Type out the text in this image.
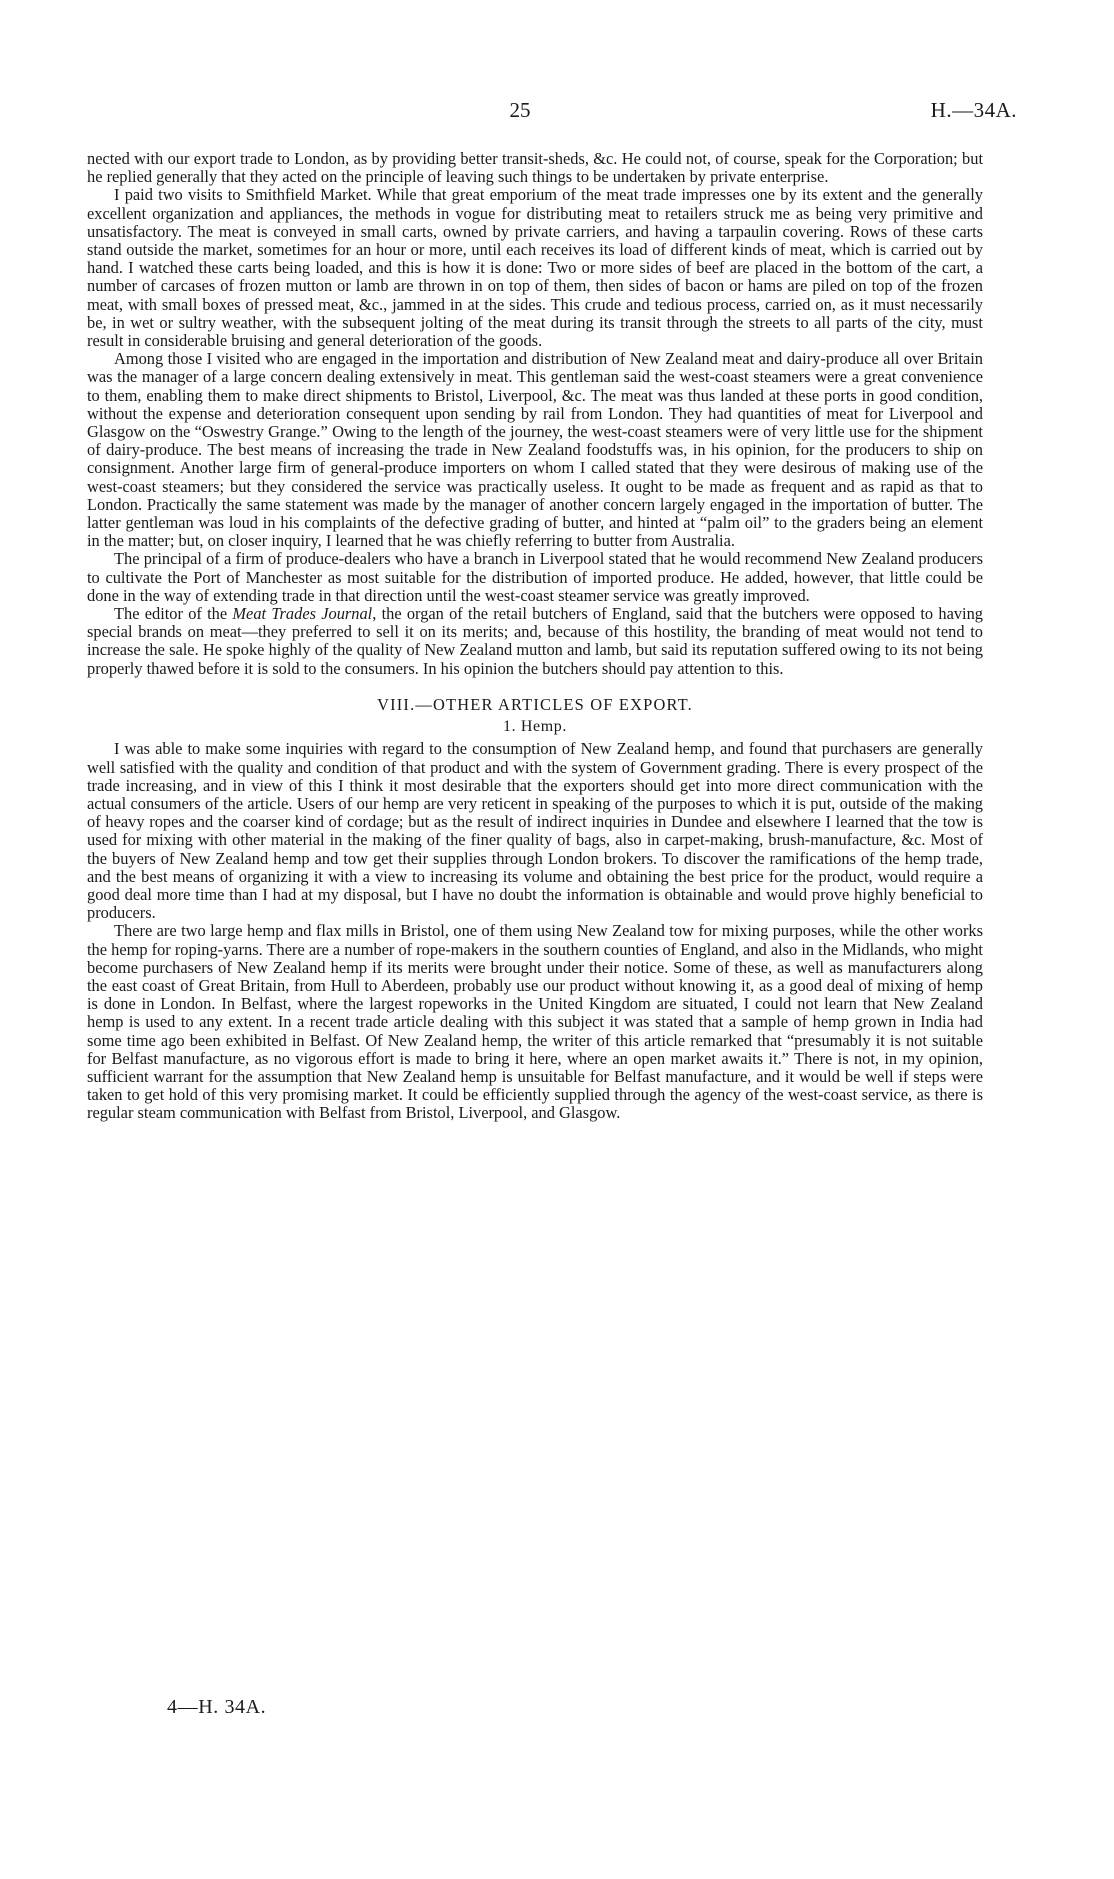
25	H.—34A.

nected with our export trade to London, as by providing better transit-sheds, &c. He could not, of course, speak for the Corporation; but he replied generally that they acted on the principle of leaving such things to be undertaken by private enterprise.

I paid two visits to Smithfield Market. While that great emporium of the meat trade impresses one by its extent and the generally excellent organization and appliances, the methods in vogue for distributing meat to retailers struck me as being very primitive and unsatisfactory. The meat is conveyed in small carts, owned by private carriers, and having a tarpaulin covering. Rows of these carts stand outside the market, sometimes for an hour or more, until each receives its load of different kinds of meat, which is carried out by hand. I watched these carts being loaded, and this is how it is done: Two or more sides of beef are placed in the bottom of the cart, a number of carcases of frozen mutton or lamb are thrown in on top of them, then sides of bacon or hams are piled on top of the frozen meat, with small boxes of pressed meat, &c., jammed in at the sides. This crude and tedious process, carried on, as it must necessarily be, in wet or sultry weather, with the subsequent jolting of the meat during its transit through the streets to all parts of the city, must result in considerable bruising and general deterioration of the goods.

Among those I visited who are engaged in the importation and distribution of New Zealand meat and dairy-produce all over Britain was the manager of a large concern dealing extensively in meat. This gentleman said the west-coast steamers were a great convenience to them, enabling them to make direct shipments to Bristol, Liverpool, &c. The meat was thus landed at these ports in good condition, without the expense and deterioration consequent upon sending by rail from London. They had quantities of meat for Liverpool and Glasgow on the “Oswestry Grange.” Owing to the length of the journey, the west-coast steamers were of very little use for the shipment of dairy-produce. The best means of increasing the trade in New Zealand foodstuffs was, in his opinion, for the producers to ship on consignment. Another large firm of general-produce importers on whom I called stated that they were desirous of making use of the west-coast steamers; but they considered the service was practically useless. It ought to be made as frequent and as rapid as that to London. Practically the same statement was made by the manager of another concern largely engaged in the importation of butter. The latter gentleman was loud in his complaints of the defective grading of butter, and hinted at “palm oil” to the graders being an element in the matter; but, on closer inquiry, I learned that he was chiefly referring to butter from Australia.

The principal of a firm of produce-dealers who have a branch in Liverpool stated that he would recommend New Zealand producers to cultivate the Port of Manchester as most suitable for the distribution of imported produce. He added, however, that little could be done in the way of extending trade in that direction until the west-coast steamer service was greatly improved.

The editor of the Meat Trades Journal, the organ of the retail butchers of England, said that the butchers were opposed to having special brands on meat—they preferred to sell it on its merits; and, because of this hostility, the branding of meat would not tend to increase the sale. He spoke highly of the quality of New Zealand mutton and lamb, but said its reputation suffered owing to its not being properly thawed before it is sold to the consumers. In his opinion the butchers should pay attention to this.

VIII.—OTHER ARTICLES OF EXPORT.

1. Hemp.

I was able to make some inquiries with regard to the consumption of New Zealand hemp, and found that purchasers are generally well satisfied with the quality and condition of that product and with the system of Government grading. There is every prospect of the trade increasing, and in view of this I think it most desirable that the exporters should get into more direct communication with the actual consumers of the article. Users of our hemp are very reticent in speaking of the purposes to which it is put, outside of the making of heavy ropes and the coarser kind of cordage; but as the result of indirect inquiries in Dundee and elsewhere I learned that the tow is used for mixing with other material in the making of the finer quality of bags, also in carpet-making, brush-manufacture, &c. Most of the buyers of New Zealand hemp and tow get their supplies through London brokers. To discover the ramifications of the hemp trade, and the best means of organizing it with a view to increasing its volume and obtaining the best price for the product, would require a good deal more time than I had at my disposal, but I have no doubt the information is obtainable and would prove highly beneficial to producers.

There are two large hemp and flax mills in Bristol, one of them using New Zealand tow for mixing purposes, while the other works the hemp for roping-yarns. There are a number of rope-makers in the southern counties of England, and also in the Midlands, who might become purchasers of New Zealand hemp if its merits were brought under their notice. Some of these, as well as manufacturers along the east coast of Great Britain, from Hull to Aberdeen, probably use our product without knowing it, as a good deal of mixing of hemp is done in London. In Belfast, where the largest ropeworks in the United Kingdom are situated, I could not learn that New Zealand hemp is used to any extent. In a recent trade article dealing with this subject it was stated that a sample of hemp grown in India had some time ago been exhibited in Belfast. Of New Zealand hemp, the writer of this article remarked that “presumably it is not suitable for Belfast manufacture, as no vigorous effort is made to bring it here, where an open market awaits it.” There is not, in my opinion, sufficient warrant for the assumption that New Zealand hemp is unsuitable for Belfast manufacture, and it would be well if steps were taken to get hold of this very promising market. It could be efficiently supplied through the agency of the west-coast service, as there is regular steam communication with Belfast from Bristol, Liverpool, and Glasgow.

4—H. 34A.
